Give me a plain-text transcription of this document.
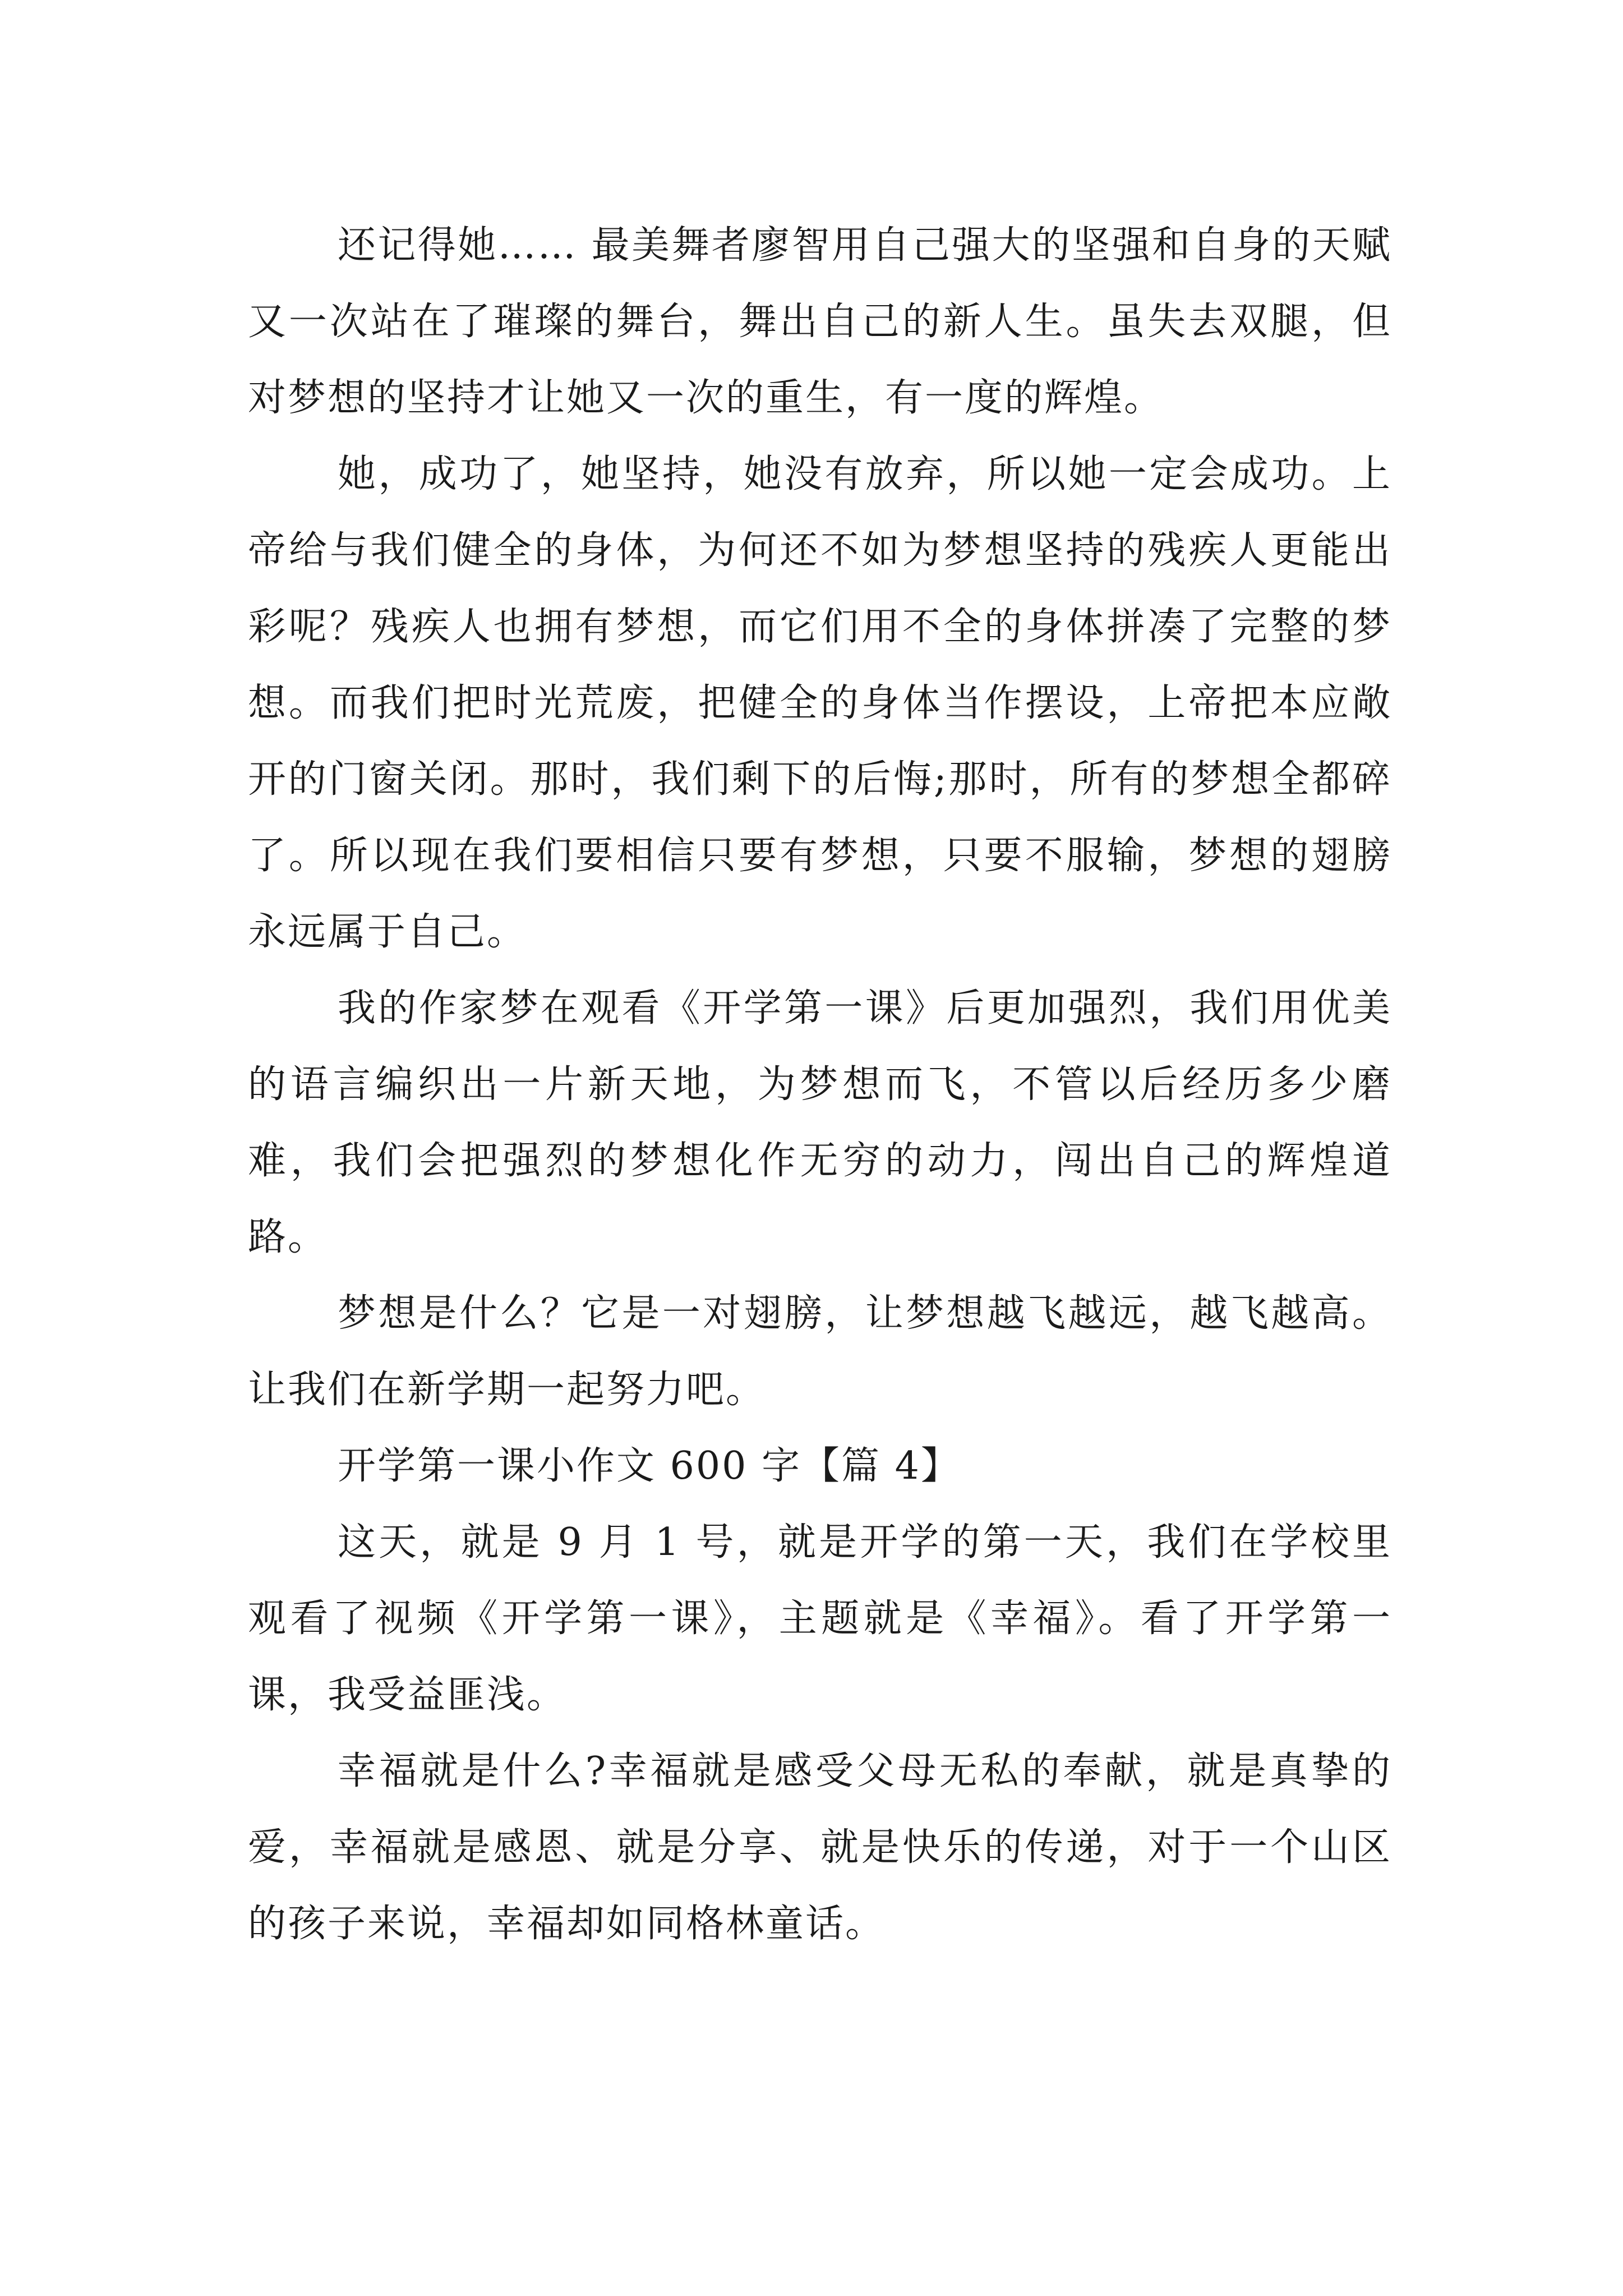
还记得她…… 最美舞者廖智用自己强大的坚强和自身的天赋又一次站在了璀璨的舞台，舞出自己的新人生。虽失去双腿，但对梦想的坚持才让她又一次的重生，有一度的辉煌。

她，成功了，她坚持，她没有放弃，所以她一定会成功。上帝给与我们健全的身体，为何还不如为梦想坚持的残疾人更能出彩呢？残疾人也拥有梦想，而它们用不全的身体拼凑了完整的梦想。而我们把时光荒废，把健全的身体当作摆设，上帝把本应敞开的门窗关闭。那时，我们剩下的后悔;那时，所有的梦想全都碎了。所以现在我们要相信只要有梦想，只要不服输，梦想的翅膀永远属于自己。

我的作家梦在观看《开学第一课》后更加强烈，我们用优美的语言编织出一片新天地，为梦想而飞，不管以后经历多少磨难，我们会把强烈的梦想化作无穷的动力，闯出自己的辉煌道路。

梦想是什么？它是一对翅膀，让梦想越飞越远，越飞越高。让我们在新学期一起努力吧。

开学第一课小作文 600 字【篇 4】

这天，就是 9 月 1 号，就是开学的第一天，我们在学校里观看了视频《开学第一课》，主题就是《幸福》。看了开学第一课，我受益匪浅。

幸福就是什么?幸福就是感受父母无私的奉献，就是真挚的爱，幸福就是感恩、就是分享、就是快乐的传递，对于一个山区的孩子来说，幸福却如同格林童话。
